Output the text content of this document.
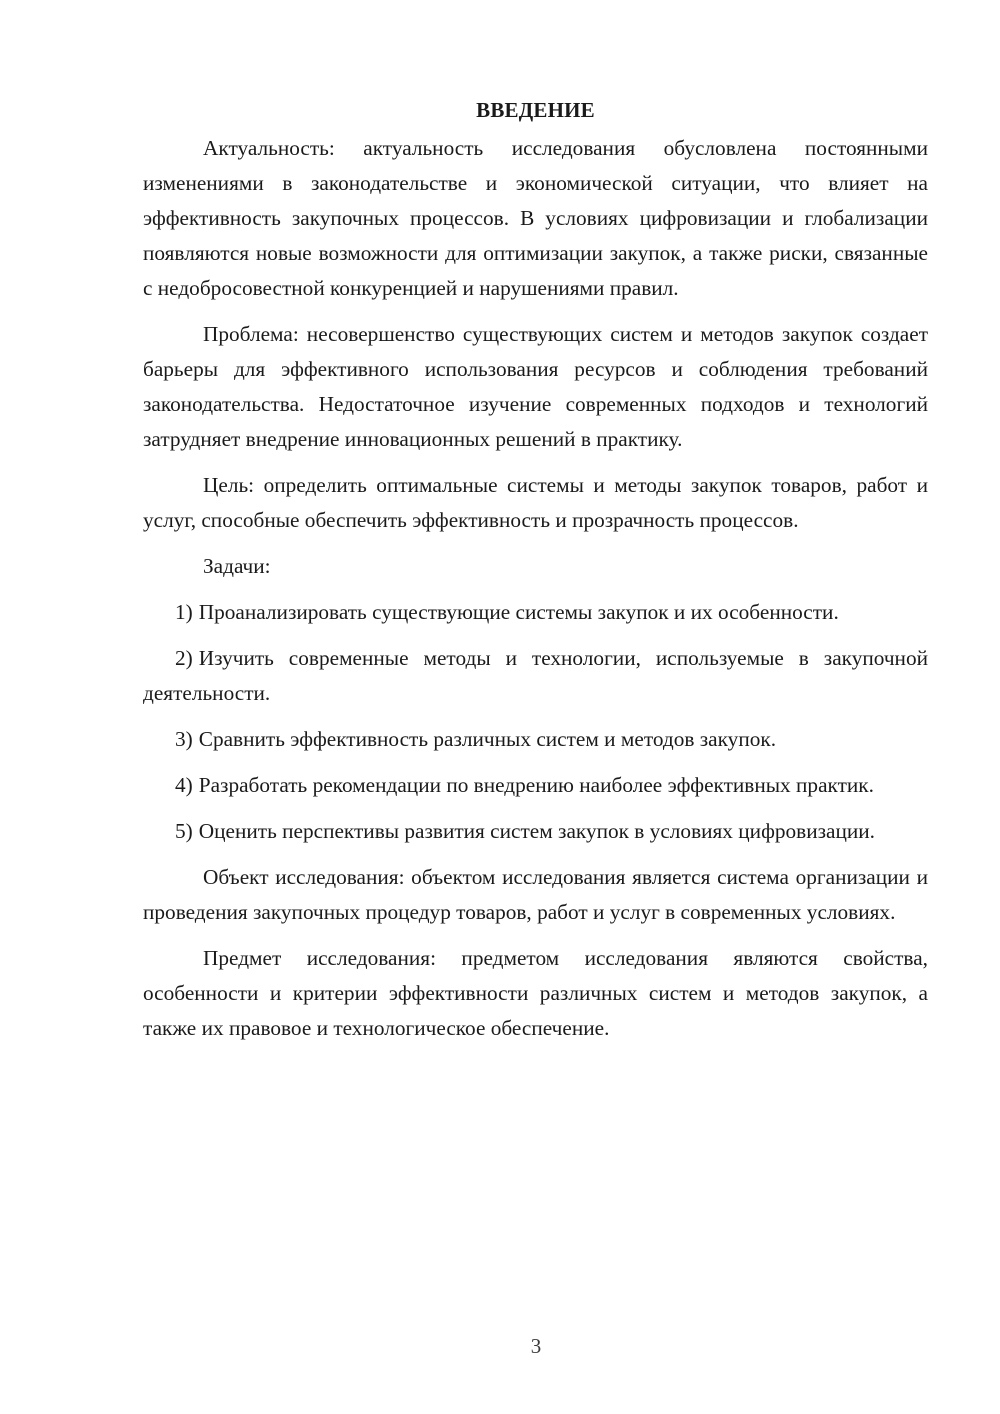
ВВЕДЕНИЕ

Актуальность: актуальность исследования обусловлена постоянными изменениями в законодательстве и экономической ситуации, что влияет на эффективность закупочных процессов. В условиях цифровизации и глобализации появляются новые возможности для оптимизации закупок, а также риски, связанные с недобросовестной конкуренцией и нарушениями правил.

Проблема: несовершенство существующих систем и методов закупок создает барьеры для эффективного использования ресурсов и соблюдения требований законодательства. Недостаточное изучение современных подходов и технологий затрудняет внедрение инновационных решений в практику.

Цель: определить оптимальные системы и методы закупок товаров, работ и услуг, способные обеспечить эффективность и прозрачность процессов.

Задачи:

1) Проанализировать существующие системы закупок и их особенности.

2) Изучить современные методы и технологии, используемые в закупочной деятельности.

3) Сравнить эффективность различных систем и методов закупок.

4) Разработать рекомендации по внедрению наиболее эффективных практик.

5) Оценить перспективы развития систем закупок в условиях цифровизации.

Объект исследования: объектом исследования является система организации и проведения закупочных процедур товаров, работ и услуг в современных условиях.

Предмет исследования: предметом исследования являются свойства, особенности и критерии эффективности различных систем и методов закупок, а также их правовое и технологическое обеспечение.

3
